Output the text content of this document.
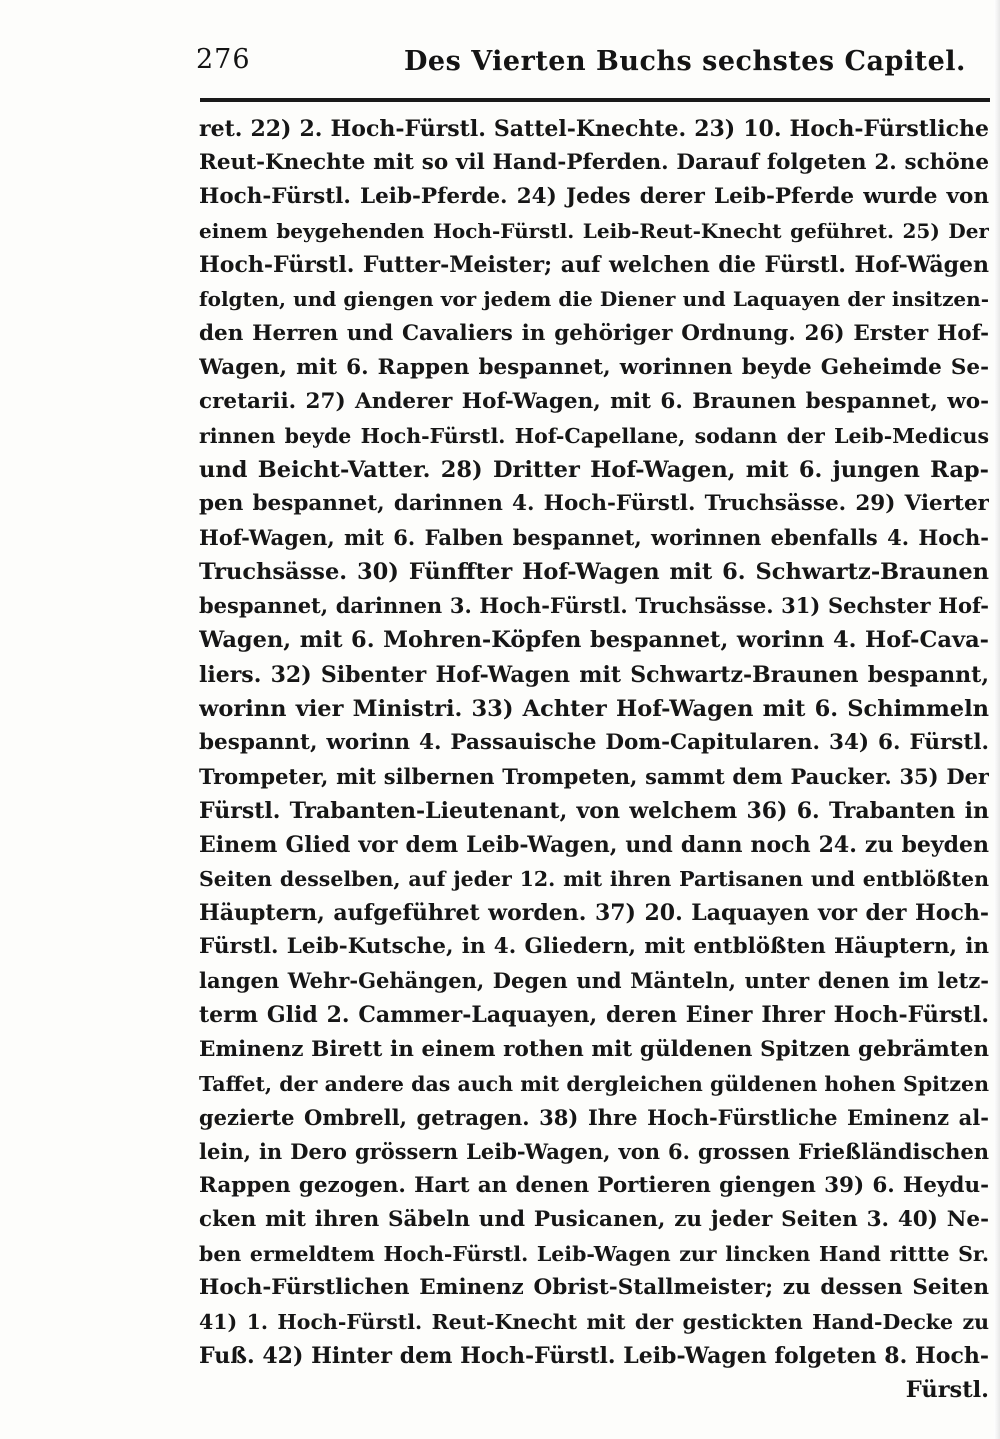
276	Des Vierten Buchs sechstes Capitel.
ret. 22) 2. Hoch-Fürstl. Sattel-Knechte. 23) 10. Hoch-Fürstliche
Reut-Knechte mit so vil Hand-Pferden. Darauf folgeten 2. schöne
Hoch-Fürstl. Leib-Pferde. 24) Jedes derer Leib-Pferde wurde von
einem beygehenden Hoch-Fürstl. Leib-Reut-Knecht geführet. 25) Der
Hoch-Fürstl. Futter-Meister; auf welchen die Fürstl. Hof-Wägen
folgten, und giengen vor jedem die Diener und Laquayen der insitzen-
den Herren und Cavaliers in gehöriger Ordnung. 26) Erster Hof-
Wagen, mit 6. Rappen bespannet, worinnen beyde Geheimde Se-
cretarii. 27) Anderer Hof-Wagen, mit 6. Braunen bespannet, wo-
rinnen beyde Hoch-Fürstl. Hof-Capellane, sodann der Leib-Medicus
und Beicht-Vatter. 28) Dritter Hof-Wagen, mit 6. jungen Rap-
pen bespannet, darinnen 4. Hoch-Fürstl. Truchsässe. 29) Vierter
Hof-Wagen, mit 6. Falben bespannet, worinnen ebenfalls 4. Hoch-
Truchsässe. 30) Fünffter Hof-Wagen mit 6. Schwartz-Braunen
bespannet, darinnen 3. Hoch-Fürstl. Truchsässe. 31) Sechster Hof-
Wagen, mit 6. Mohren-Köpfen bespannet, worinn 4. Hof-Cava-
liers. 32) Sibenter Hof-Wagen mit Schwartz-Braunen bespannt,
worinn vier Ministri. 33) Achter Hof-Wagen mit 6. Schimmeln
bespannt, worinn 4. Passauische Dom-Capitularen. 34) 6. Fürstl.
Trompeter, mit silbernen Trompeten, sammt dem Paucker. 35) Der
Fürstl. Trabanten-Lieutenant, von welchem 36) 6. Trabanten in
Einem Glied vor dem Leib-Wagen, und dann noch 24. zu beyden
Seiten desselben, auf jeder 12. mit ihren Partisanen und entblößten
Häuptern, aufgeführet worden. 37) 20. Laquayen vor der Hoch-
Fürstl. Leib-Kutsche, in 4. Gliedern, mit entblößten Häuptern, in
langen Wehr-Gehängen, Degen und Mänteln, unter denen im letz-
term Glid 2. Cammer-Laquayen, deren Einer Ihrer Hoch-Fürstl.
Eminenz Birett in einem rothen mit güldenen Spitzen gebrämten
Taffet, der andere das auch mit dergleichen güldenen hohen Spitzen
gezierte Ombrell, getragen. 38) Ihre Hoch-Fürstliche Eminenz al-
lein, in Dero grössern Leib-Wagen, von 6. grossen Frießländischen
Rappen gezogen. Hart an denen Portieren giengen 39) 6. Heydu-
cken mit ihren Säbeln und Pusicanen, zu jeder Seiten 3. 40) Ne-
ben ermeldtem Hoch-Fürstl. Leib-Wagen zur lincken Hand rittte Sr.
Hoch-Fürstlichen Eminenz Obrist-Stallmeister; zu dessen Seiten
41) 1. Hoch-Fürstl. Reut-Knecht mit der gestickten Hand-Decke zu
Fuß. 42) Hinter dem Hoch-Fürstl. Leib-Wagen folgeten 8. Hoch-
Fürstl.
